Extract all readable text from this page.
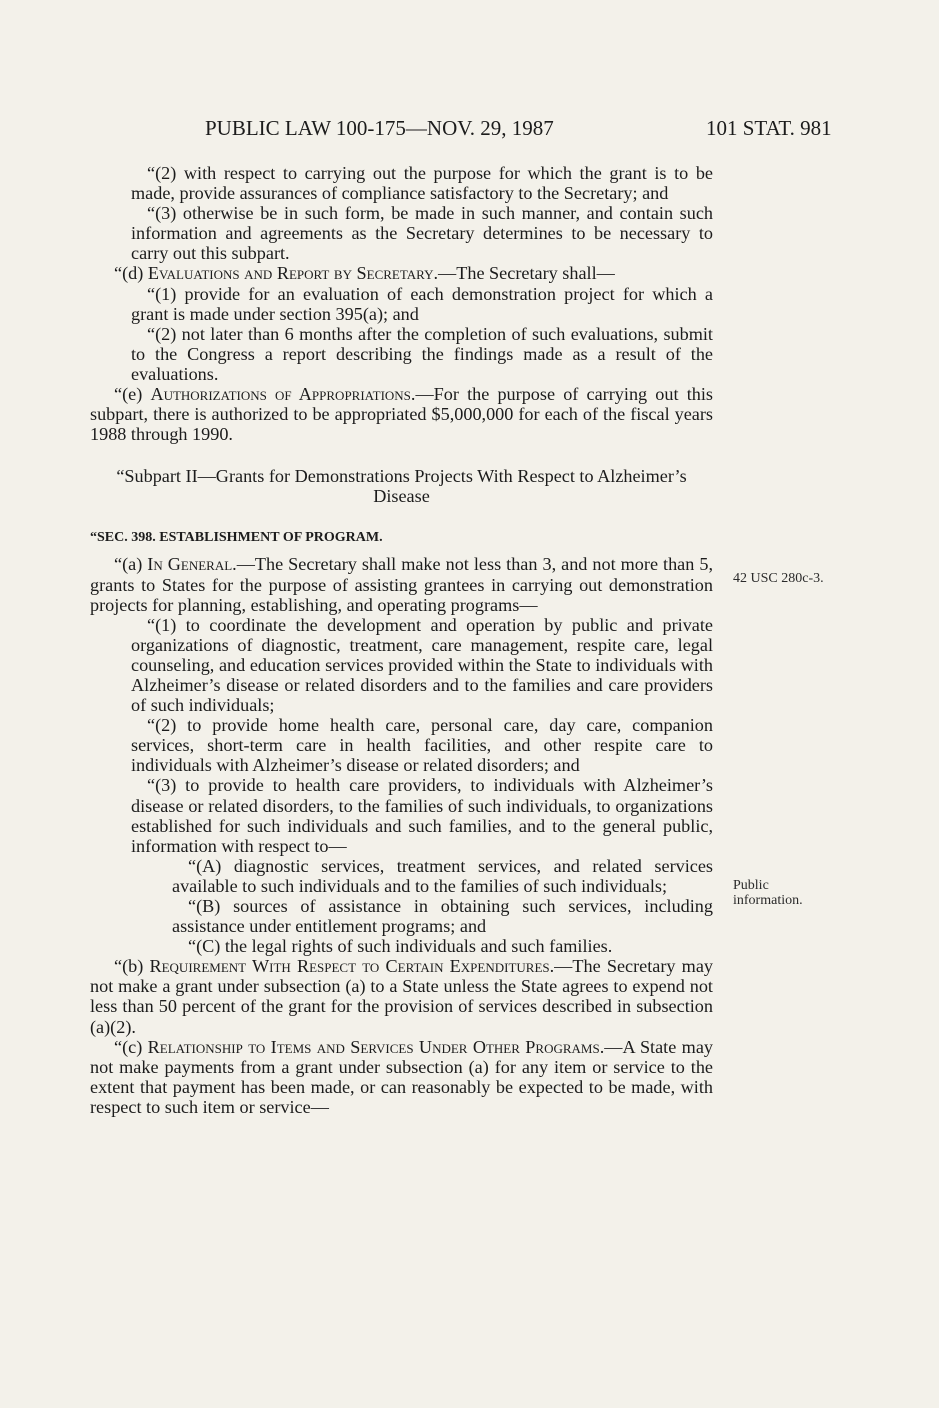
PUBLIC LAW 100-175—NOV. 29, 1987	101 STAT. 981
42 USC 280c-3.
Public
information.

“(2) with respect to carrying out the purpose for which the grant is to be made, provide assurances of compliance satisfactory to the Secretary; and

“(3) otherwise be in such form, be made in such manner, and contain such information and agreements as the Secretary determines to be necessary to carry out this subpart.

“(d) Evaluations and Report by Secretary.—The Secretary shall—

“(1) provide for an evaluation of each demonstration project for which a grant is made under section 395(a); and

“(2) not later than 6 months after the completion of such evaluations, submit to the Congress a report describing the findings made as a result of the evaluations.

“(e) Authorizations of Appropriations.—For the purpose of carrying out this subpart, there is authorized to be appropriated $5,000,000 for each of the fiscal years 1988 through 1990.

“Subpart II—Grants for Demonstrations Projects With Respect to Alzheimer’s Disease

“SEC. 398. ESTABLISHMENT OF PROGRAM.

“(a) In General.—The Secretary shall make not less than 3, and not more than 5, grants to States for the purpose of assisting grantees in carrying out demonstration projects for planning, establishing, and operating programs—

“(1) to coordinate the development and operation by public and private organizations of diagnostic, treatment, care management, respite care, legal counseling, and education services provided within the State to individuals with Alzheimer’s disease or related disorders and to the families and care providers of such individuals;

“(2) to provide home health care, personal care, day care, companion services, short-term care in health facilities, and other respite care to individuals with Alzheimer’s disease or related disorders; and

“(3) to provide to health care providers, to individuals with Alzheimer’s disease or related disorders, to the families of such individuals, to organizations established for such individuals and such families, and to the general public, information with respect to—

“(A) diagnostic services, treatment services, and related services available to such individuals and to the families of such individuals;

“(B) sources of assistance in obtaining such services, including assistance under entitlement programs; and

“(C) the legal rights of such individuals and such families.

“(b) Requirement With Respect to Certain Expenditures.—The Secretary may not make a grant under subsection (a) to a State unless the State agrees to expend not less than 50 percent of the grant for the provision of services described in subsection (a)(2).

“(c) Relationship to Items and Services Under Other Programs.—A State may not make payments from a grant under subsection (a) for any item or service to the extent that payment has been made, or can reasonably be expected to be made, with respect to such item or service—
